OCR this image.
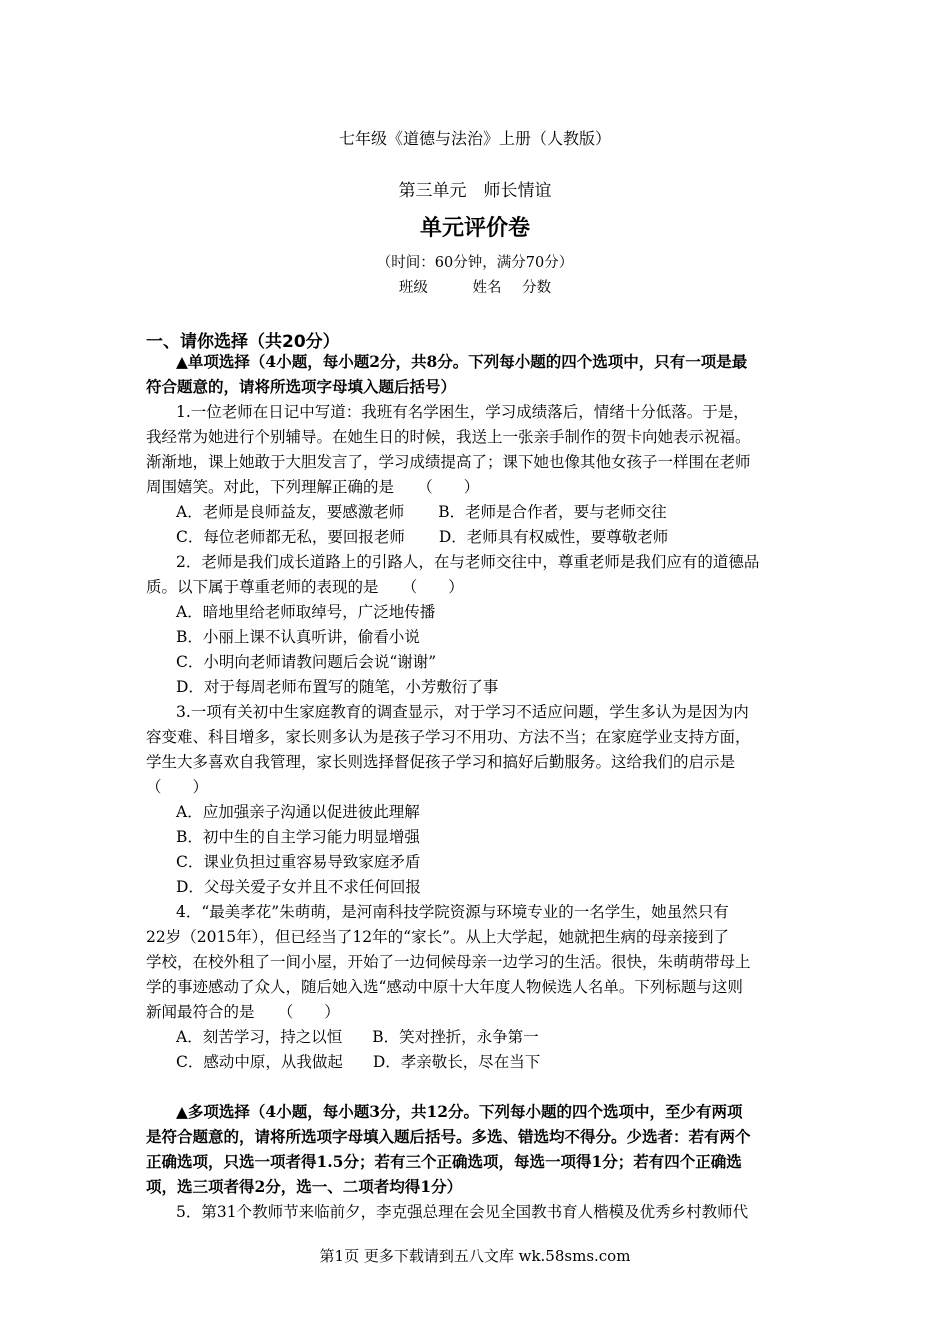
七年级《道德与法治》上册（人教版）
第三单元　师长情谊
单元评价卷
（时间：60分钟，满分70分）
班级	姓名 分数
一、请你选择（共20分）
▲单项选择（4小题，每小题2分，共8分。下列每小题的四个选项中，只有一项是最
符合题意的，请将所选项字母填入题后括号）
1.一位老师在日记中写道：我班有名学困生，学习成绩落后，情绪十分低落。于是，
我经常为她进行个别辅导。在她生日的时候，我送上一张亲手制作的贺卡向她表示祝福。
渐渐地，课上她敢于大胆发言了，学习成绩提高了；课下她也像其他女孩子一样围在老师
周围嬉笑。对此，下列理解正确的是　　（　　）
A．老师是良师益友，要感激老师 B．老师是合作者，要与老师交往
C．每位老师都无私，要回报老师 D．老师具有权威性，要尊敬老师
2．老师是我们成长道路上的引路人，在与老师交往中，尊重老师是我们应有的道德品
质。以下属于尊重老师的表现的是　　（　　）
A．暗地里给老师取绰号，广泛地传播
B．小丽上课不认真听讲，偷看小说
C．小明向老师请教问题后会说“谢谢”
D．对于每周老师布置写的随笔，小芳敷衍了事
3.一项有关初中生家庭教育的调查显示，对于学习不适应问题，学生多认为是因为内
容变难、科目增多，家长则多认为是孩子学习不用功、方法不当；在家庭学业支持方面，
学生大多喜欢自我管理，家长则选择督促孩子学习和搞好后勤服务。这给我们的启示是
（　　）
A．应加强亲子沟通以促进彼此理解
B．初中生的自主学习能力明显增强
C．课业负担过重容易导致家庭矛盾
D．父母关爱子女并且不求任何回报
4．“最美孝花”朱萌萌，是河南科技学院资源与环境专业的一名学生，她虽然只有
22岁（2015年），但已经当了12年的“家长”。从上大学起，她就把生病的母亲接到了
学校，在校外租了一间小屋，开始了一边伺候母亲一边学习的生活。很快，朱萌萌带母上
学的事迹感动了众人，随后她入选“感动中原十大年度人物候选人名单。下列标题与这则
新闻最符合的是　　（　　）
A．刻苦学习，持之以恒 B．笑对挫折，永争第一
C．感动中原，从我做起 D．孝亲敬长，尽在当下
▲多项选择（4小题，每小题3分，共12分。下列每小题的四个选项中，至少有两项
是符合题意的，请将所选项字母填入题后括号。多选、错选均不得分。少选者：若有两个
正确选项，只选一项者得1.5分；若有三个正确选项，每选一项得1分；若有四个正确选
项，选三项者得2分，选一、二项者均得1分）
5．第31个教师节来临前夕，李克强总理在会见全国教书育人楷模及优秀乡村教师代
第1页 更多下载请到五八文库 wk.58sms.com
